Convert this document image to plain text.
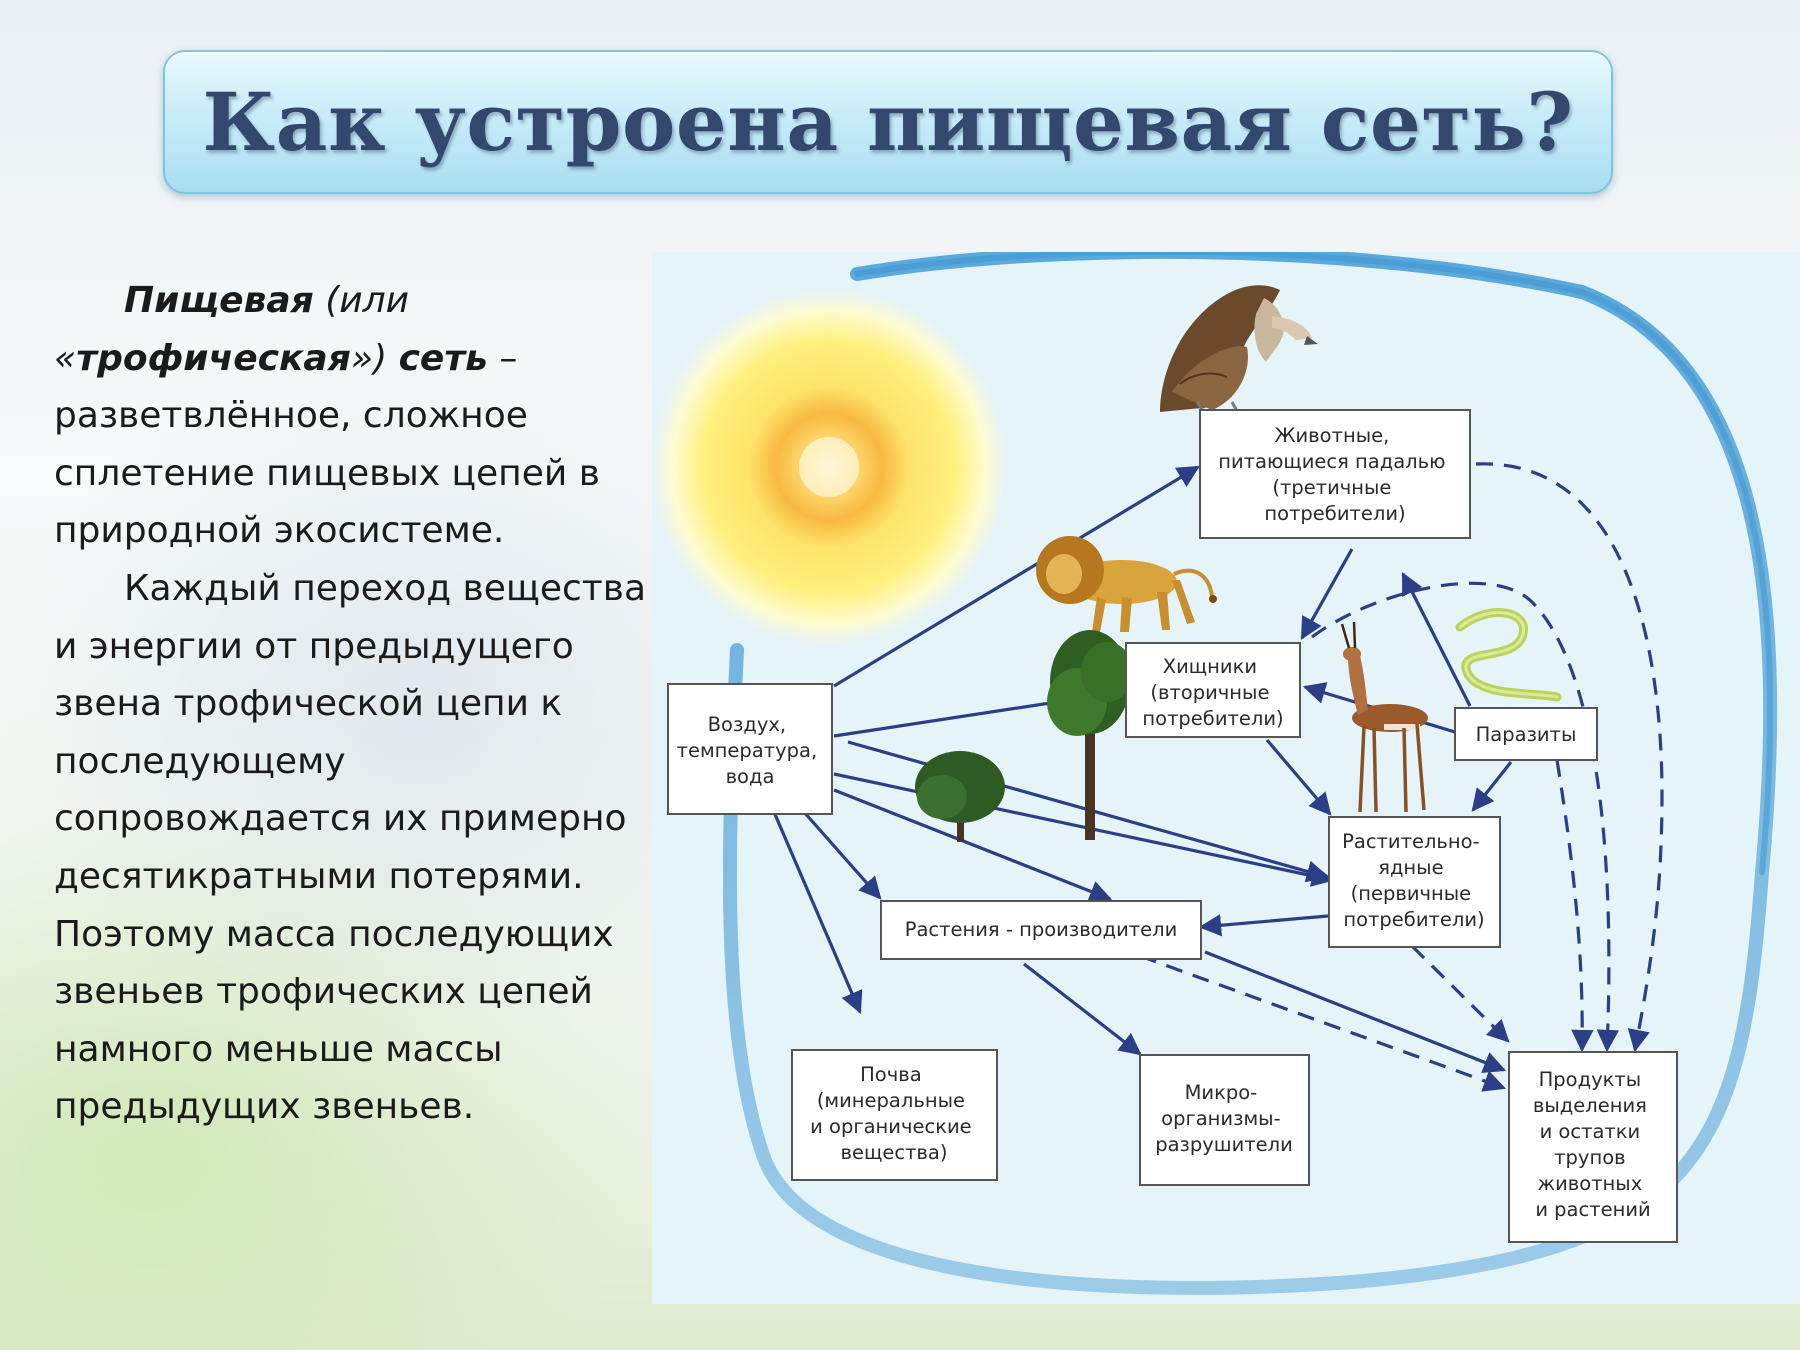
Как устроена пищевая сеть?

Пищевая (или
«трофическая») сеть – разветвлённое, сложное сплетение пищевых цепей в природной экосистеме.

Каждый переход вещества и энергии от предыдущего звена трофической цепи к последующему сопровождается их примерно десятикратными потерями. Поэтому масса последующих звеньев трофических цепей намного меньше массы предыдущих звеньев.

Животные, питающиеся падалью (третичные потребители)
Хищники (вторичные потребители)
Паразиты
Воздух, температура, вода
Растительно- ядные (первичные потребители)
Растения - производители
Почва (минеральные и органические вещества)
Микро- организмы- разрушители
Продукты выделения и остатки трупов животных и растений
